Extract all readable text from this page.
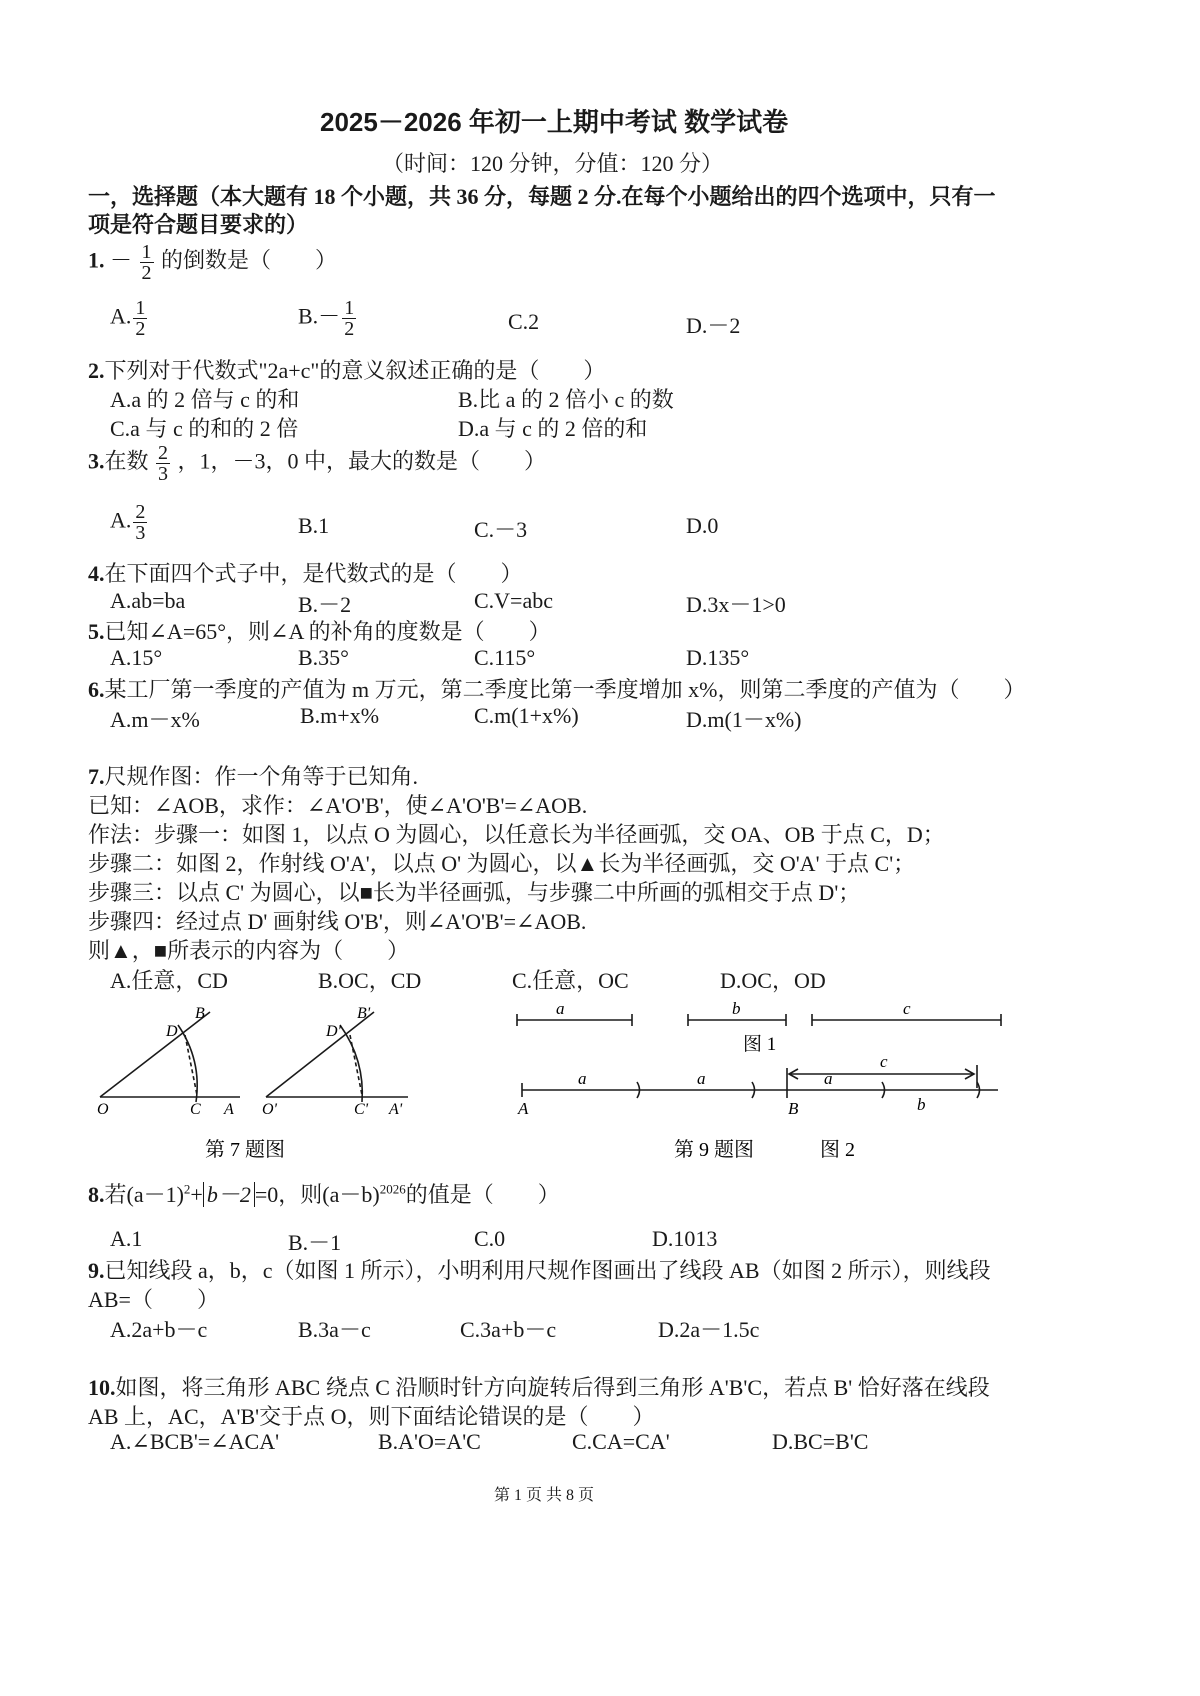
2025－2026 年初一上期中考试 数学试卷
（时间：120 分钟，分值：120 分）
一，选择题（本大题有 18 个小题，共 36 分，每题 2 分.在每个小题给出的四个选项中，只有一
项是符合题目要求的）
1. － $\frac{1}{2}$ 的倒数是（　　）
A. $\frac{1}{2}$	$B.- \frac{1}{2}$	C.2	D.－2
2.下列对于代数式"2a+c"的意义叙述正确的是（　　）
A.a 的 2 倍与 c 的和	B.比 a 的 2 倍小 c 的数
C.a 与 c 的和的 2 倍	D.a 与 c 的 2 倍的和
3.在数 $\frac{2}{3}$ ，1，－3，0 中，最大的数是（　　）
A. $\frac{2}{3}$	B.1	C.－3	D.0
4.在下面四个式子中，是代数式的是（　　）
A.ab=ba	B.－2	C.V=abc	D.3x－1>0
5.已知∠A=65°，则∠A 的补角的度数是（　　）
A.15°	B.35°	C.115°	D.135°
6.某工厂第一季度的产值为 m 万元，第二季度比第一季度增加 x%，则第二季度的产值为（　　）
A.m－x%	B.m+x%	C.m(1+x%)	D.m(1－x%)
7.尺规作图：作一个角等于已知角.
已知：∠AOB，求作：∠A'O'B'，使∠A'O'B'=∠AOB.
作法：步骤一：如图 1，以点 O 为圆心，以任意长为半径画弧，交 OA、OB 于点 C，D；
步骤二：如图 2，作射线 O'A'，以点 O' 为圆心，以▲长为半径画弧，交 O'A' 于点 C'；
步骤三：以点 C' 为圆心，以■长为半径画弧，与步骤二中所画的弧相交于点 D'；
步骤四：经过点 D' 画射线 O'B'，则∠A'O'B'=∠AOB.
则▲，■所表示的内容为（　　）
A.任意，CD	B.OC，CD	C.任意，OC	D.OC，OD
O	C A
B
D
O'	C' A'
B'
D'
第 7 题图
a	b	c
图 1
a	a	a
c
b
A	B
第 9 题图	图 2
8.若$(a-1)^2+ b-2 =0$，则$(a-b)^{2026}$的值是（　　）
A.1	B.－1	C.0	D.1013
9.已知线段 a，b，c（如图 1 所示），小明利用尺规作图画出了线段 AB（如图 2 所示），则线段
AB=（　　）
A.2a+b－c	B.3a－c	C.3a+b－c	D.2a－1.5c
10.如图，将三角形 ABC 绕点 C 沿顺时针方向旋转后得到三角形 A'B'C，若点 B' 恰好落在线段
AB 上，AC，A'B'交于点 O，则下面结论错误的是（　　）
A.∠BCB'=∠ACA'	B.A'O=A'C	C.CA=CA'	D.BC=B'C
第 1 页 共 8 页
